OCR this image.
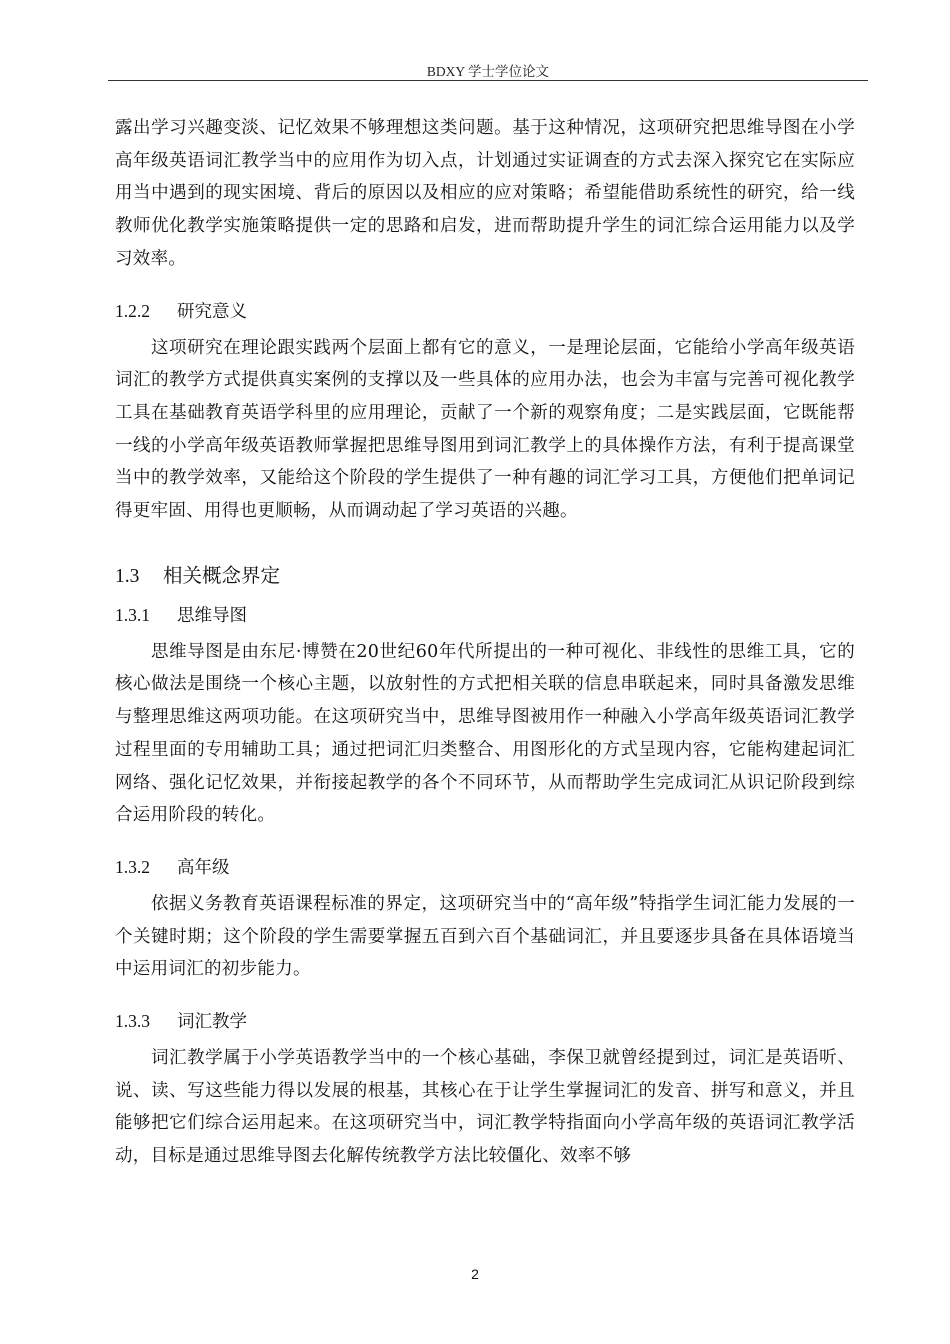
BDXY 学士学位论文

露出学习兴趣变淡、记忆效果不够理想这类问题。基于这种情况，这项研究把思维导图在小学高年级英语词汇教学当中的应用作为切入点，计划通过实证调查的方式去深入探究它在实际应用当中遇到的现实困境、背后的原因以及相应的应对策略；希望能借助系统性的研究，给一线教师优化教学实施策略提供一定的思路和启发，进而帮助提升学生的词汇综合运用能力以及学习效率。

1.2.2 研究意义

这项研究在理论跟实践两个层面上都有它的意义，一是理论层面，它能给小学高年级英语词汇的教学方式提供真实案例的支撑以及一些具体的应用办法，也会为丰富与完善可视化教学工具在基础教育英语学科里的应用理论，贡献了一个新的观察角度；二是实践层面，它既能帮一线的小学高年级英语教师掌握把思维导图用到词汇教学上的具体操作方法，有利于提高课堂当中的教学效率，又能给这个阶段的学生提供了一种有趣的词汇学习工具，方便他们把单词记得更牢固、用得也更顺畅，从而调动起了学习英语的兴趣。

1.3 相关概念界定
1.3.1 思维导图

思维导图是由东尼·博赞在20世纪60年代所提出的一种可视化、非线性的思维工具，它的核心做法是围绕一个核心主题，以放射性的方式把相关联的信息串联起来，同时具备激发思维与整理思维这两项功能。在这项研究当中，思维导图被用作一种融入小学高年级英语词汇教学过程里面的专用辅助工具；通过把词汇归类整合、用图形化的方式呈现内容，它能构建起词汇网络、强化记忆效果，并衔接起教学的各个不同环节，从而帮助学生完成词汇从识记阶段到综合运用阶段的转化。

1.3.2 高年级

依据义务教育英语课程标准的界定，这项研究当中的“高年级”特指学生词汇能力发展的一个关键时期；这个阶段的学生需要掌握五百到六百个基础词汇，并且要逐步具备在具体语境当中运用词汇的初步能力。

1.3.3 词汇教学

词汇教学属于小学英语教学当中的一个核心基础，李保卫就曾经提到过，词汇是英语听、说、读、写这些能力得以发展的根基，其核心在于让学生掌握词汇的发音、拼写和意义，并且能够把它们综合运用起来。在这项研究当中，词汇教学特指面向小学高年级的英语词汇教学活动，目标是通过思维导图去化解传统教学方法比较僵化、效率不够

2
